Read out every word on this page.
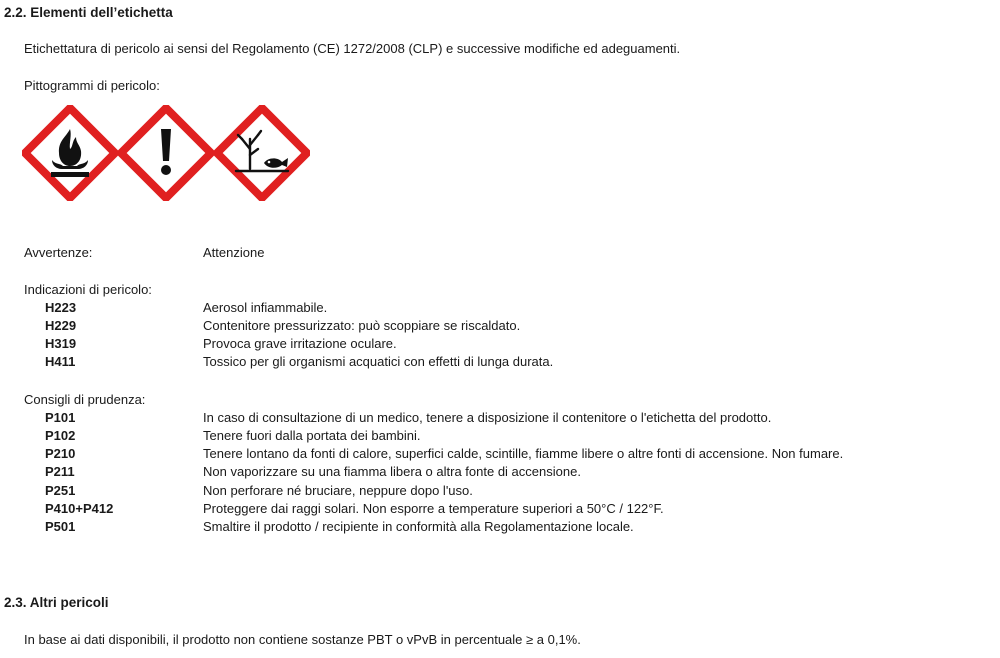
2.2. Elementi dell’etichetta
Etichettatura di pericolo ai sensi del Regolamento (CE) 1272/2008 (CLP) e successive modifiche ed adeguamenti.
Pittogrammi di pericolo:
Avvertenze:	Attenzione
Indicazioni di pericolo:
H223	Aerosol infiammabile.
H229	Contenitore pressurizzato: può scoppiare se riscaldato.
H319	Provoca grave irritazione oculare.
H411	Tossico per gli organismi acquatici con effetti di lunga durata.
Consigli di prudenza:
P101	In caso di consultazione di un medico, tenere a disposizione il contenitore o l'etichetta del prodotto.
P102	Tenere fuori dalla portata dei bambini.
P210	Tenere lontano da fonti di calore, superfici calde, scintille, fiamme libere o altre fonti di accensione. Non fumare.
P211	Non vaporizzare su una fiamma libera o altra fonte di accensione.
P251	Non perforare né bruciare, neppure dopo l'uso.
P410+P412	Proteggere dai raggi solari. Non esporre a temperature superiori a 50°C / 122°F.
P501	Smaltire il prodotto / recipiente in conformità alla Regolamentazione locale.
2.3. Altri pericoli
In base ai dati disponibili, il prodotto non contiene sostanze PBT o vPvB in percentuale ≥ a 0,1%.
